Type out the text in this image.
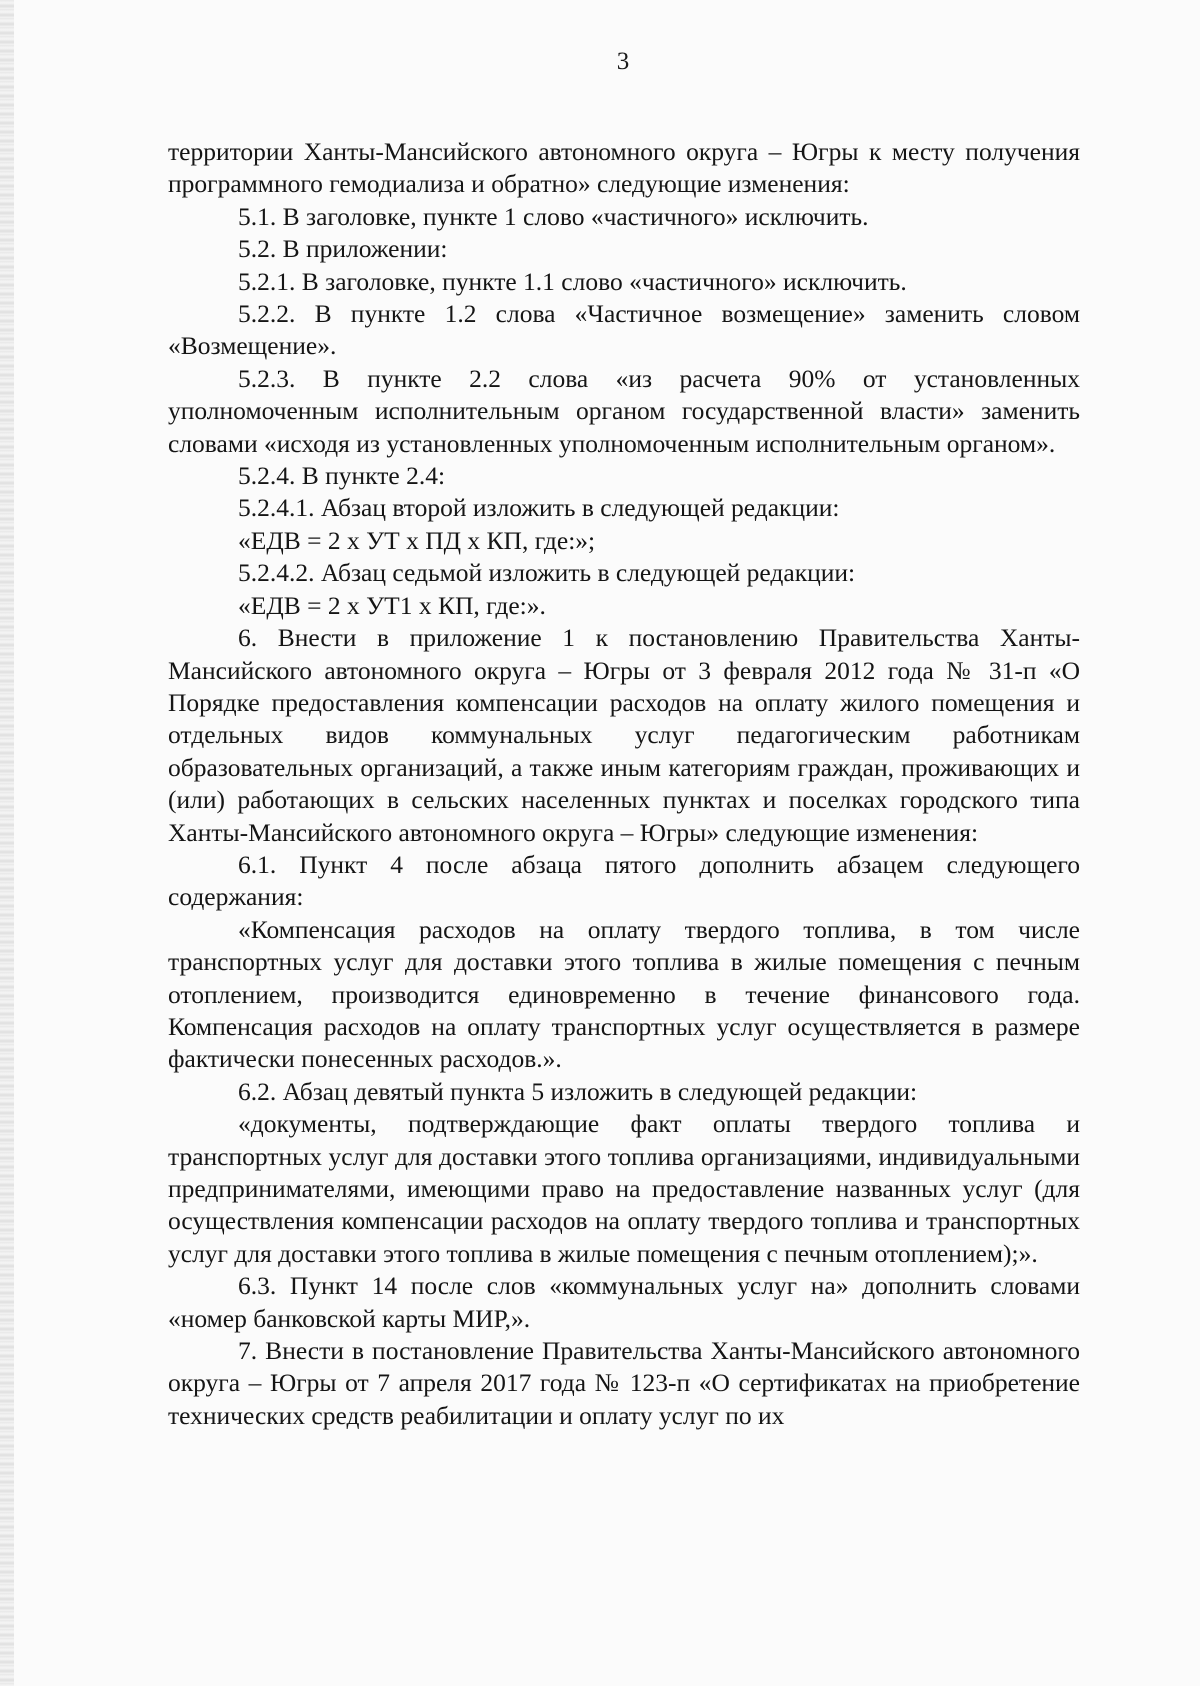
3

территории Ханты-Мансийского автономного округа – Югры к месту получения программного гемодиализа и обратно» следующие изменения:

5.1. В заголовке, пункте 1 слово «частичного» исключить.

5.2. В приложении:

5.2.1. В заголовке, пункте 1.1 слово «частичного» исключить.

5.2.2. В пункте 1.2 слова «Частичное возмещение» заменить словом «Возмещение».

5.2.3. В пункте 2.2 слова «из расчета 90% от установленных уполномоченным исполнительным органом государственной власти» заменить словами «исходя из установленных уполномоченным исполнительным органом».

5.2.4. В пункте 2.4:

5.2.4.1. Абзац второй изложить в следующей редакции:

«ЕДВ = 2 x УТ x ПД x КП, где:»;

5.2.4.2. Абзац седьмой изложить в следующей редакции:

«ЕДВ = 2 x УТ1 x КП, где:».

6. Внести в приложение 1 к постановлению Правительства Ханты-Мансийского автономного округа – Югры от 3 февраля 2012 года № 31-п «О Порядке предоставления компенсации расходов на оплату жилого помещения и отдельных видов коммунальных услуг педагогическим работникам образовательных организаций, а также иным категориям граждан, проживающих и (или) работающих в сельских населенных пунктах и поселках городского типа Ханты-Мансийского автономного округа – Югры» следующие изменения:

6.1. Пункт 4 после абзаца пятого дополнить абзацем следующего содержания:

«Компенсация расходов на оплату твердого топлива, в том числе транспортных услуг для доставки этого топлива в жилые помещения с печным отоплением, производится единовременно в течение финансового года. Компенсация расходов на оплату транспортных услуг осуществляется в размере фактически понесенных расходов.».

6.2. Абзац девятый пункта 5 изложить в следующей редакции:

«документы, подтверждающие факт оплаты твердого топлива и транспортных услуг для доставки этого топлива организациями, индивидуальными предпринимателями, имеющими право на предоставление названных услуг (для осуществления компенсации расходов на оплату твердого топлива и транспортных услуг для доставки этого топлива в жилые помещения с печным отоплением);».

6.3. Пункт 14 после слов «коммунальных услуг на» дополнить словами «номер банковской карты МИР,».

7. Внести в постановление Правительства Ханты-Мансийского автономного округа – Югры от 7 апреля 2017 года № 123-п «О сертификатах на приобретение технических средств реабилитации и оплату услуг по их
